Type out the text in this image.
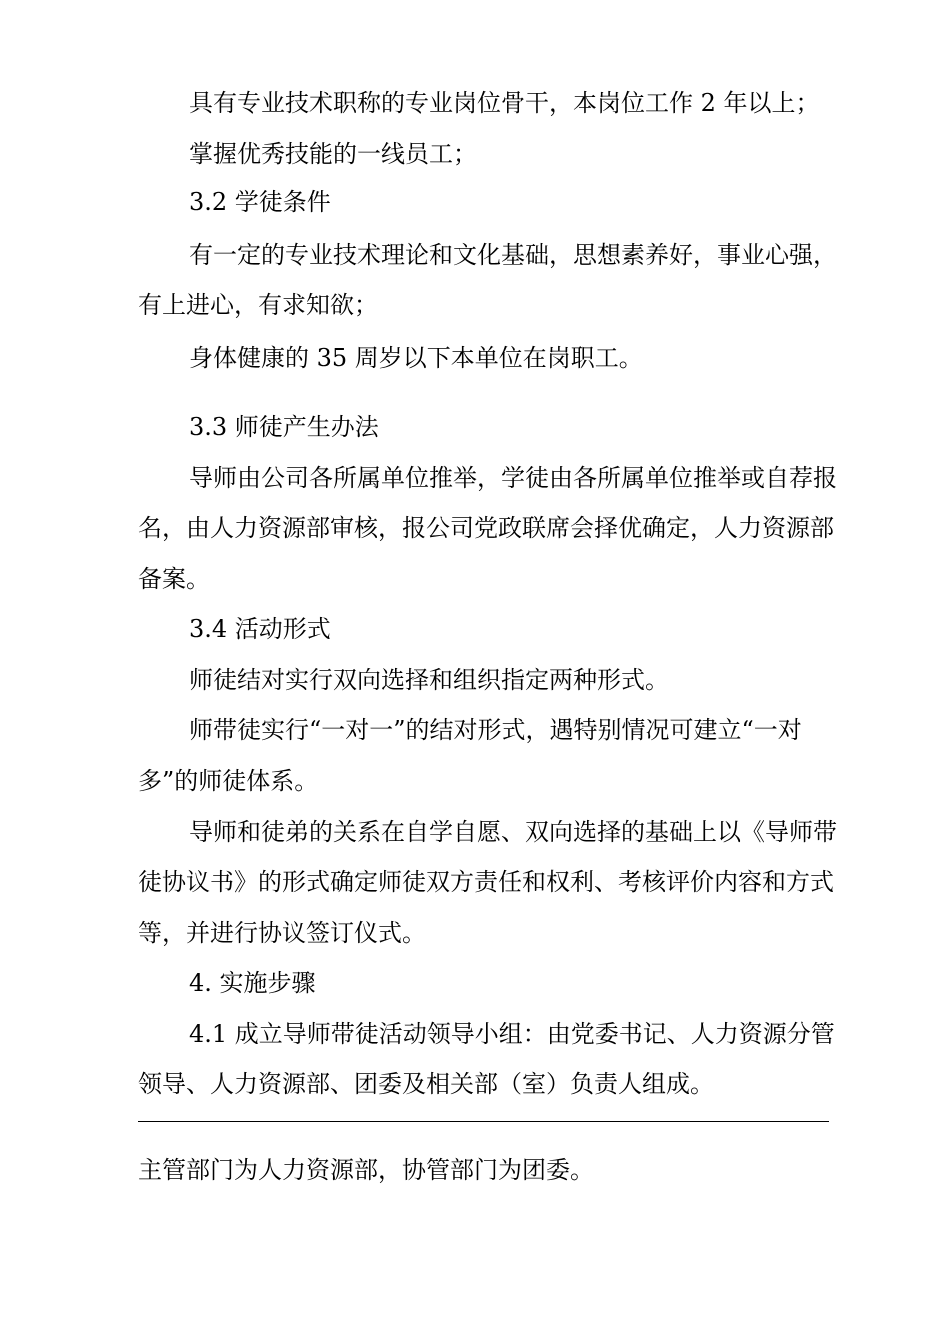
具有专业技术职称的专业岗位骨干，本岗位工作 2 年以上；
掌握优秀技能的一线员工；
3.2 学徒条件
有一定的专业技术理论和文化基础，思想素养好，事业心强，
有上进心，有求知欲；
身体健康的 35 周岁以下本单位在岗职工。
3.3 师徒产生办法
导师由公司各所属单位推举，学徒由各所属单位推举或自荐报
名，由人力资源部审核，报公司党政联席会择优确定，人力资源部
备案。
3.4 活动形式
师徒结对实行双向选择和组织指定两种形式。
师带徒实行“一对一”的结对形式，遇特别情况可建立“一对
多”的师徒体系。
导师和徒弟的关系在自学自愿、双向选择的基础上以《导师带
徒协议书》的形式确定师徒双方责任和权利、考核评价内容和方式
等，并进行协议签订仪式。
4. 实施步骤
4.1 成立导师带徒活动领导小组：由党委书记、人力资源分管
领导、人力资源部、团委及相关部（室）负责人组成。
主管部门为人力资源部，协管部门为团委。
